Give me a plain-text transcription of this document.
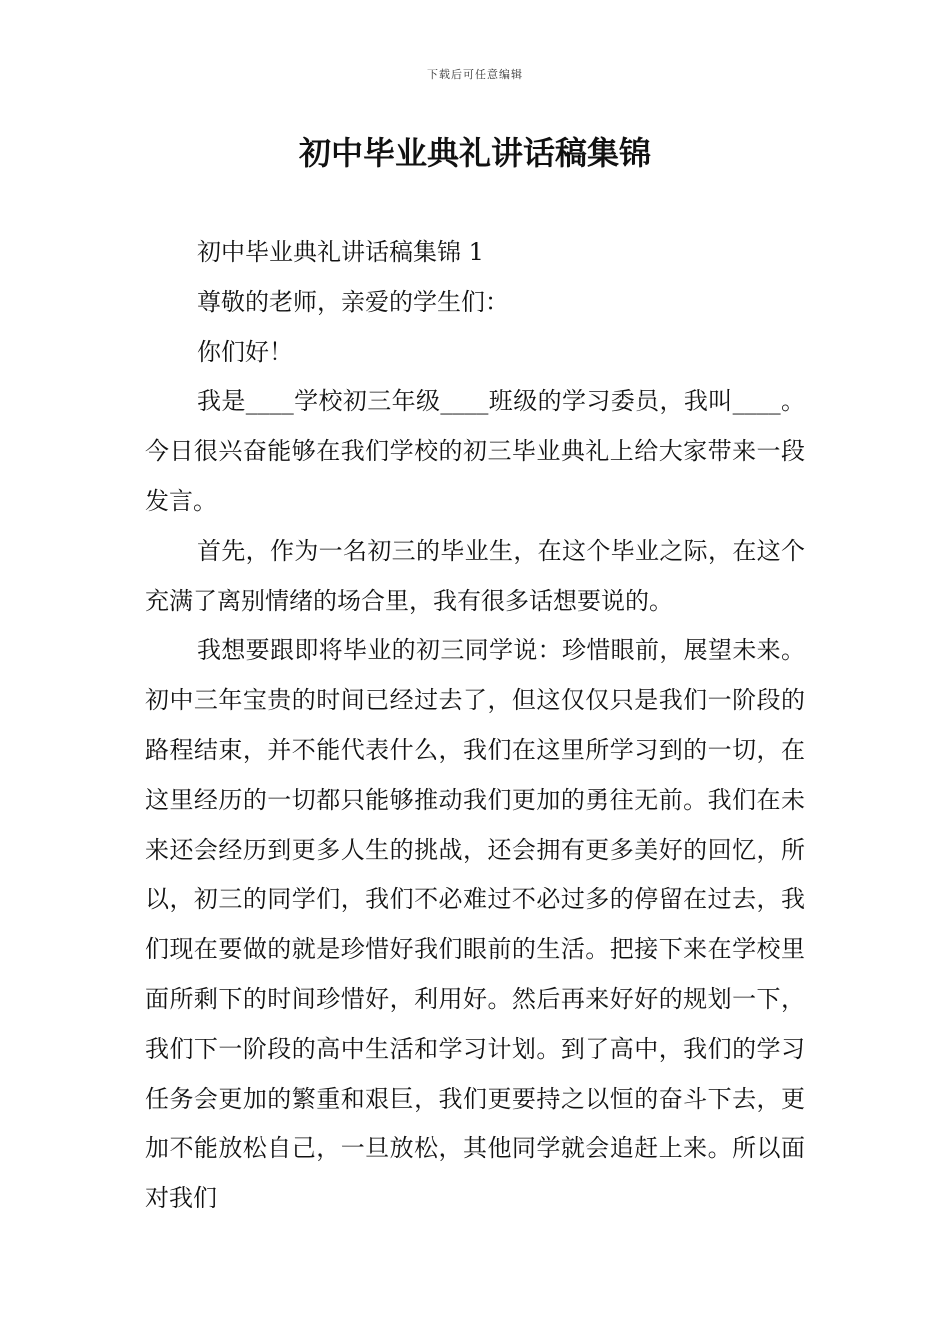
下载后可任意编辑
初中毕业典礼讲话稿集锦

初中毕业典礼讲话稿集锦 1

尊敬的老师，亲爱的学生们：

你们好！

我是____学校初三年级____班级的学习委员，我叫____。今日很兴奋能够在我们学校的初三毕业典礼上给大家带来一段发言。

首先，作为一名初三的毕业生，在这个毕业之际，在这个充满了离别情绪的场合里，我有很多话想要说的。

我想要跟即将毕业的初三同学说：珍惜眼前，展望未来。初中三年宝贵的时间已经过去了，但这仅仅只是我们一阶段的路程结束，并不能代表什么，我们在这里所学习到的一切，在这里经历的一切都只能够推动我们更加的勇往无前。我们在未来还会经历到更多人生的挑战，还会拥有更多美好的回忆，所以，初三的同学们，我们不必难过不必过多的停留在过去，我们现在要做的就是珍惜好我们眼前的生活。把接下来在学校里面所剩下的时间珍惜好，利用好。然后再来好好的规划一下，我们下一阶段的高中生活和学习计划。到了高中，我们的学习任务会更加的繁重和艰巨，我们更要持之以恒的奋斗下去，更加不能放松自己，一旦放松，其他同学就会追赶上来。所以面对我们
